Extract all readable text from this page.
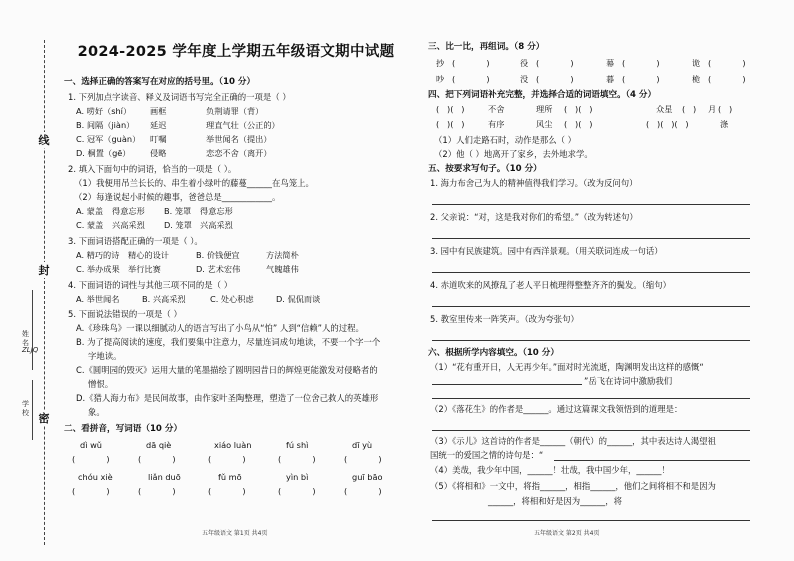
线
封
密
姓名
学校
ZLJQ
2024-2025 学年度上学期五年级语文期中试题
一、选择正确的答案写在对应的括号里。（10 分）
1. 下列加点字读音、释义及词语书写完全正确的一项是（ ）
A. 唠好（shí） 画框	负荆请罪（背）
B. 间隔（jiàn） 延迟	理直气壮（公正的）
C. 冠军（guàn） 叮嘱	举世闻名（提出）
D. 桐置（gē） 侵略	恋恋不舍（离开）
2. 填入下面句中的词语，恰当的一项是（ ）。
（1）我便用吊兰长长的、串生着小绿叶的藤蔓______在鸟笼上。
（2）每逢说起小时候的趣事，爸爸总是____________。
A. 蒙盖 得意忘形 B. 笼罩 得意忘形
C. 蒙盖 兴高采烈 D. 笼罩 兴高采烈
3. 下面词语搭配正确的一项是（ ）。
A. 精巧的诗 精心的设计	B. 价钱便宜	方法简朴
C. 举办成果 举行比赛	D. 艺术宏伟	气魄雄伟
4. 下面词语的词性与其他三项不同的是（ ）
A. 举世闻名	B. 兴高采烈	C. 处心积虑	D. 侃侃而谈
5. 下面说法错误的一项是（ ）
A.《珍珠鸟》一课以细腻动人的语言写出了小鸟从“怕” 人到“信赖”人的过程。
B. 为了提高阅读的速度，我们要集中注意力，尽量连词成句地读，不要一个字一个
字地读。
C.《圆明园的毁灭》运用大量的笔墨描绘了圆明园昔日的辉煌更能激发对侵略者的
憎恨。
D.《猎人海力布》是民间故事，由作家叶圣陶整理，塑造了一位舍己救人的英雄形
象。
二、看拼音，写词语（10 分）
dì wǔ	dā qiè	xiáo luàn	fú shì	dī yù
(            )	(            )	(            )	(            )	(            )
chóu xiè	liǎn duō	fǔ mō	yìn bì	guī bāo
(            )	(            )	(            )	(            )	(            )
五年级语文 第1页 共4页
三、比一比，再组词。（8 分）
抄 (            )	役 (            )	幕 (            )	诡 (            )
吵 (            )	没 (            )	暮 (            )	桅 (            )
四、把下列词语补充完整，并选择合适的词语填空。（4 分）
(   )(   )	不舍	理所 (   )(   )	众星 (   ) 月 (   )
(   )(   )	有序	风尘 (   )(   )	(   )(   )(   )	涤
（1）人们走路石时，动作是那么（ ）
（2）他（ ）地离开了家乡，去外地求学。
五、按要求写句子。（10 分）
1. 海力布舍己为人的精神值得我们学习。（改为反问句）
2. 父亲说：“对，这是我对你们的希望。”（改为转述句）
3. 园中有民族建筑。园中有西洋景观。（用关联词连成一句话）
4. 赤道吹来的风撩乱了老人平日梳理得整整齐齐的鬓发。（缩句）
5. 教室里传来一阵笑声。（改为夸张句）
六、根据所学内容填空。（10 分）
（1）“花有重开日，人无再少年。”面对时光流逝，陶渊明发出这样的感慨“
”岳飞在诗词中激励我们
（2）《落花生》的作者是______。通过这篇课文我领悟到的道理是：
（3）《示儿》这首诗的作者是______（朝代）的______，其中表达诗人渴望祖
国统一的爱国之情的诗句是：“
（4）美哉，我少年中国，______！壮哉，我中国少年，______！
（5）《将相和》一文中，将指______，相指______，他们之间将相不和是因为
______，将相和好是因为______，将
五年级语文 第2页 共4页
